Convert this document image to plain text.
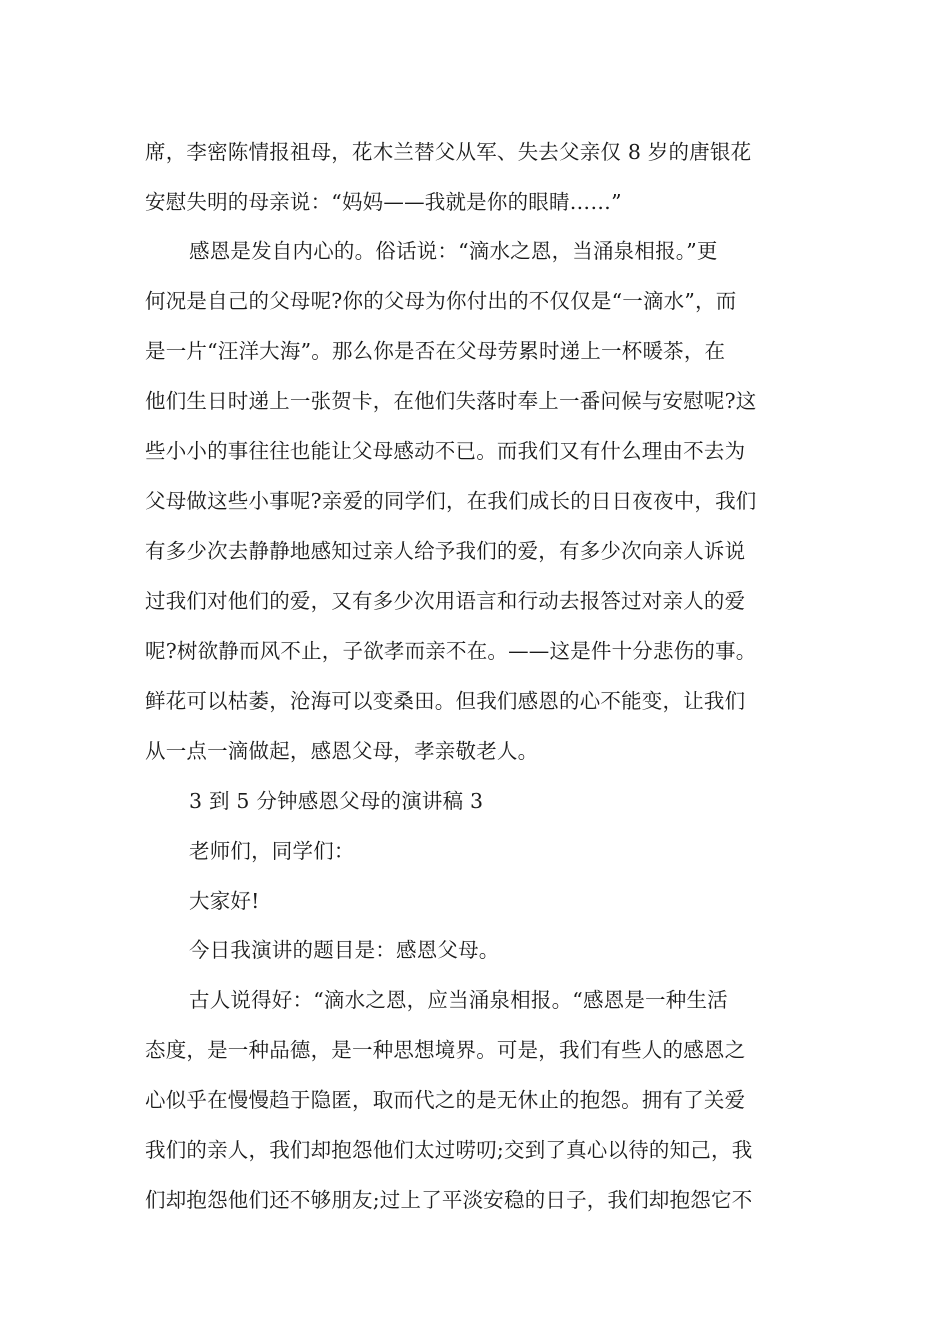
席，李密陈情报祖母，花木兰替父从军、失去父亲仅 8 岁的唐银花
安慰失明的母亲说：“妈妈——我就是你的眼睛……”
感恩是发自内心的。俗话说：“滴水之恩，当涌泉相报。”更
何况是自己的父母呢?你的父母为你付出的不仅仅是“一滴水”，而
是一片“汪洋大海”。那么你是否在父母劳累时递上一杯暖茶，在
他们生日时递上一张贺卡，在他们失落时奉上一番问候与安慰呢?这
些小小的事往往也能让父母感动不已。而我们又有什么理由不去为
父母做这些小事呢?亲爱的同学们，在我们成长的日日夜夜中，我们
有多少次去静静地感知过亲人给予我们的爱，有多少次向亲人诉说
过我们对他们的爱，又有多少次用语言和行动去报答过对亲人的爱
呢?树欲静而风不止，子欲孝而亲不在。——这是件十分悲伤的事。
鲜花可以枯萎，沧海可以变桑田。但我们感恩的心不能变，让我们
从一点一滴做起，感恩父母，孝亲敬老人。
3 到 5 分钟感恩父母的演讲稿 3
老师们，同学们：
大家好!
今日我演讲的题目是：感恩父母。
古人说得好：“滴水之恩，应当涌泉相报。“感恩是一种生活
态度，是一种品德，是一种思想境界。可是，我们有些人的感恩之
心似乎在慢慢趋于隐匿，取而代之的是无休止的抱怨。拥有了关爱
我们的亲人，我们却抱怨他们太过唠叨;交到了真心以待的知己，我
们却抱怨他们还不够朋友;过上了平淡安稳的日子，我们却抱怨它不
